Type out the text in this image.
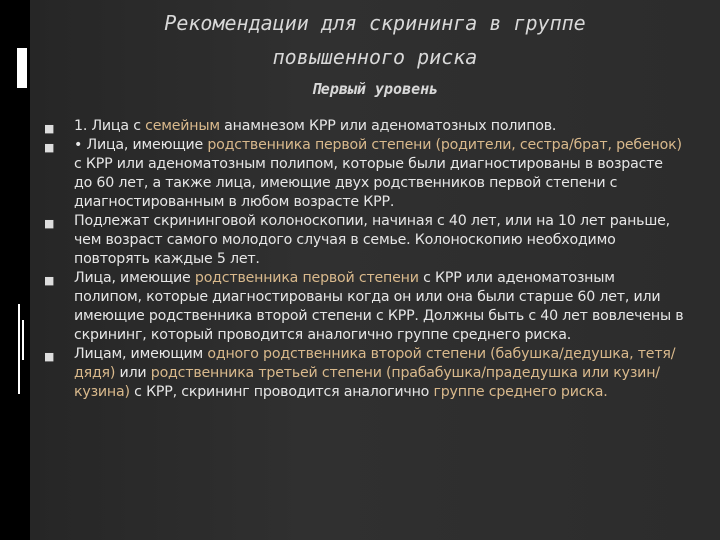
Рекомендации для скрининга в группе
повышенного риска
Первый уровень
■ 1. Лица с семейным анамнезом КРР или аденоматозных полипов.
■ • Лица, имеющие родственника первой степени (родители, сестра/брат, ребенок) с КРР или аденоматозным полипом, которые были диагностированы в возрасте до 60 лет, а также лица, имеющие двух родственников первой степени с диагностированным в любом возрасте КРР.
■ Подлежат скрининговой колоноскопии, начиная с 40 лет, или на 10 лет раньше, чем возраст самого молодого случая в семье. Колоноскопию необходимо повторять каждые 5 лет.
■ Лица, имеющие родственника первой степени с КРР или аденоматозным полипом, которые диагностированы когда он или она были старше 60 лет, или имеющие родственника второй степени с КРР. Должны быть с 40 лет вовлечены в скрининг, который проводится аналогично группе среднего риска.
■ Лицам, имеющим одного родственника второй степени (бабушка/дедушка, тетя/дядя) или родственника третьей степени (прабабушка/прадедушка или кузин/кузина) с КРР, скрининг проводится аналогично группе среднего риска.
